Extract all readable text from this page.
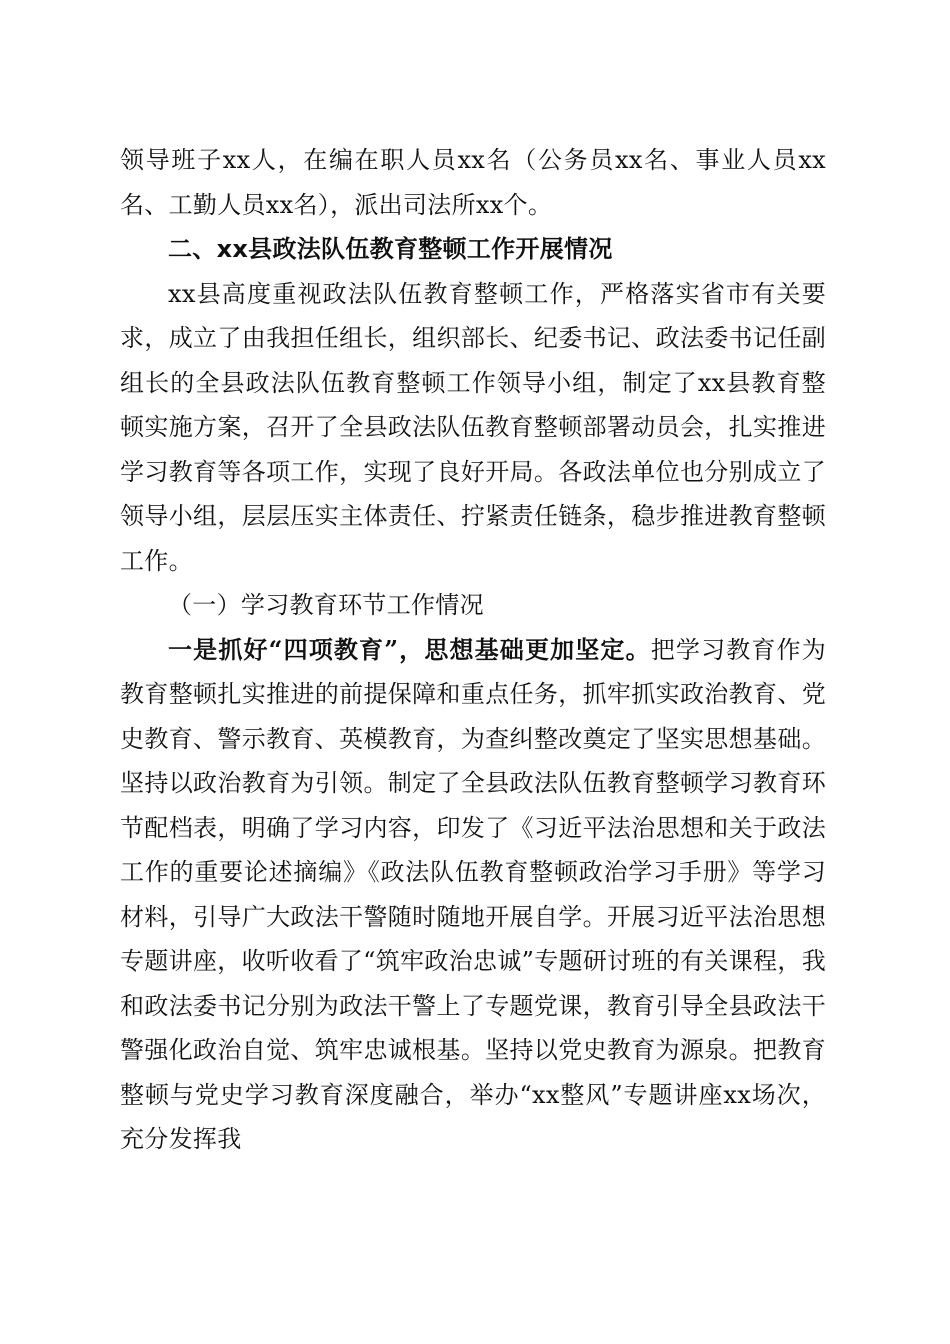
领导班子xx人，在编在职人员xx名（公务员xx名、事业人员xx名、工勤人员xx名），派出司法所xx个。

二、xx县政法队伍教育整顿工作开展情况

xx县高度重视政法队伍教育整顿工作，严格落实省市有关要求，成立了由我担任组长，组织部长、纪委书记、政法委书记任副组长的全县政法队伍教育整顿工作领导小组，制定了xx县教育整顿实施方案，召开了全县政法队伍教育整顿部署动员会，扎实推进学习教育等各项工作，实现了良好开局。各政法单位也分别成立了领导小组，层层压实主体责任、拧紧责任链条，稳步推进教育整顿工作。

（一）学习教育环节工作情况

一是抓好“四项教育”，思想基础更加坚定。把学习教育作为教育整顿扎实推进的前提保障和重点任务，抓牢抓实政治教育、党史教育、警示教育、英模教育，为查纠整改奠定了坚实思想基础。坚持以政治教育为引领。制定了全县政法队伍教育整顿学习教育环节配档表，明确了学习内容，印发了《习近平法治思想和关于政法工作的重要论述摘编》《政法队伍教育整顿政治学习手册》等学习材料，引导广大政法干警随时随地开展自学。开展习近平法治思想专题讲座，收听收看了“筑牢政治忠诚”专题研讨班的有关课程，我和政法委书记分别为政法干警上了专题党课，教育引导全县政法干警强化政治自觉、筑牢忠诚根基。坚持以党史教育为源泉。把教育整顿与党史学习教育深度融合，举办“xx整风”专题讲座xx场次，充分发挥我
